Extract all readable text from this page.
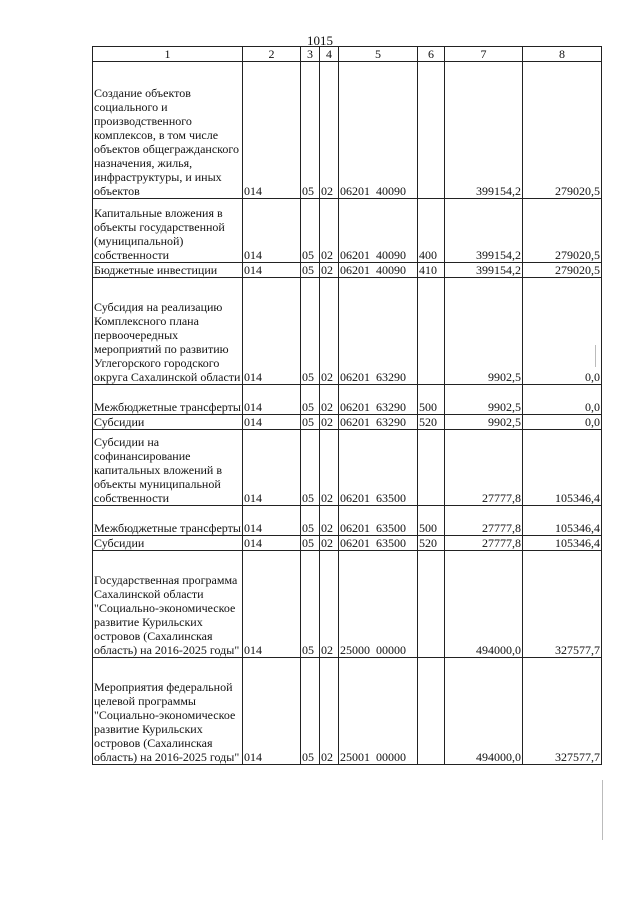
1015
1	2	3	4	5	6	7	8
Создание объектов социального и производственного комплексов, в том числе объектов общегражданского назначения, жилья, инфраструктуры, и иных объектов	014	05	02	06201  40090		399154,2	279020,5
Капитальные вложения в объекты государственной (муниципальной) собственности	014	05	02	06201  40090	400	399154,2	279020,5
Бюджетные инвестиции	014	05	02	06201  40090	410	399154,2	279020,5
Субсидия на реализацию Комплексного плана первоочередных мероприятий по развитию Углегорского городского округа Сахалинской области	014	05	02	06201  63290		9902,5	0,0
Межбюджетные трансферты	014	05	02	06201  63290	500	9902,5	0,0
Субсидии	014	05	02	06201  63290	520	9902,5	0,0
Субсидии на софинансирование капитальных вложений в объекты муниципальной собственности	014	05	02	06201  63500		27777,8	105346,4
Межбюджетные трансферты	014	05	02	06201  63500	500	27777,8	105346,4
Субсидии	014	05	02	06201  63500	520	27777,8	105346,4
Государственная программа Сахалинской области "Социально-экономическое развитие Курильских островов (Сахалинская область) на 2016-2025 годы"	014	05	02	25000  00000		494000,0	327577,7
Мероприятия федеральной целевой программы "Социально-экономическое развитие Курильских островов (Сахалинская область) на 2016-2025 годы"	014	05	02	25001  00000		494000,0	327577,7
